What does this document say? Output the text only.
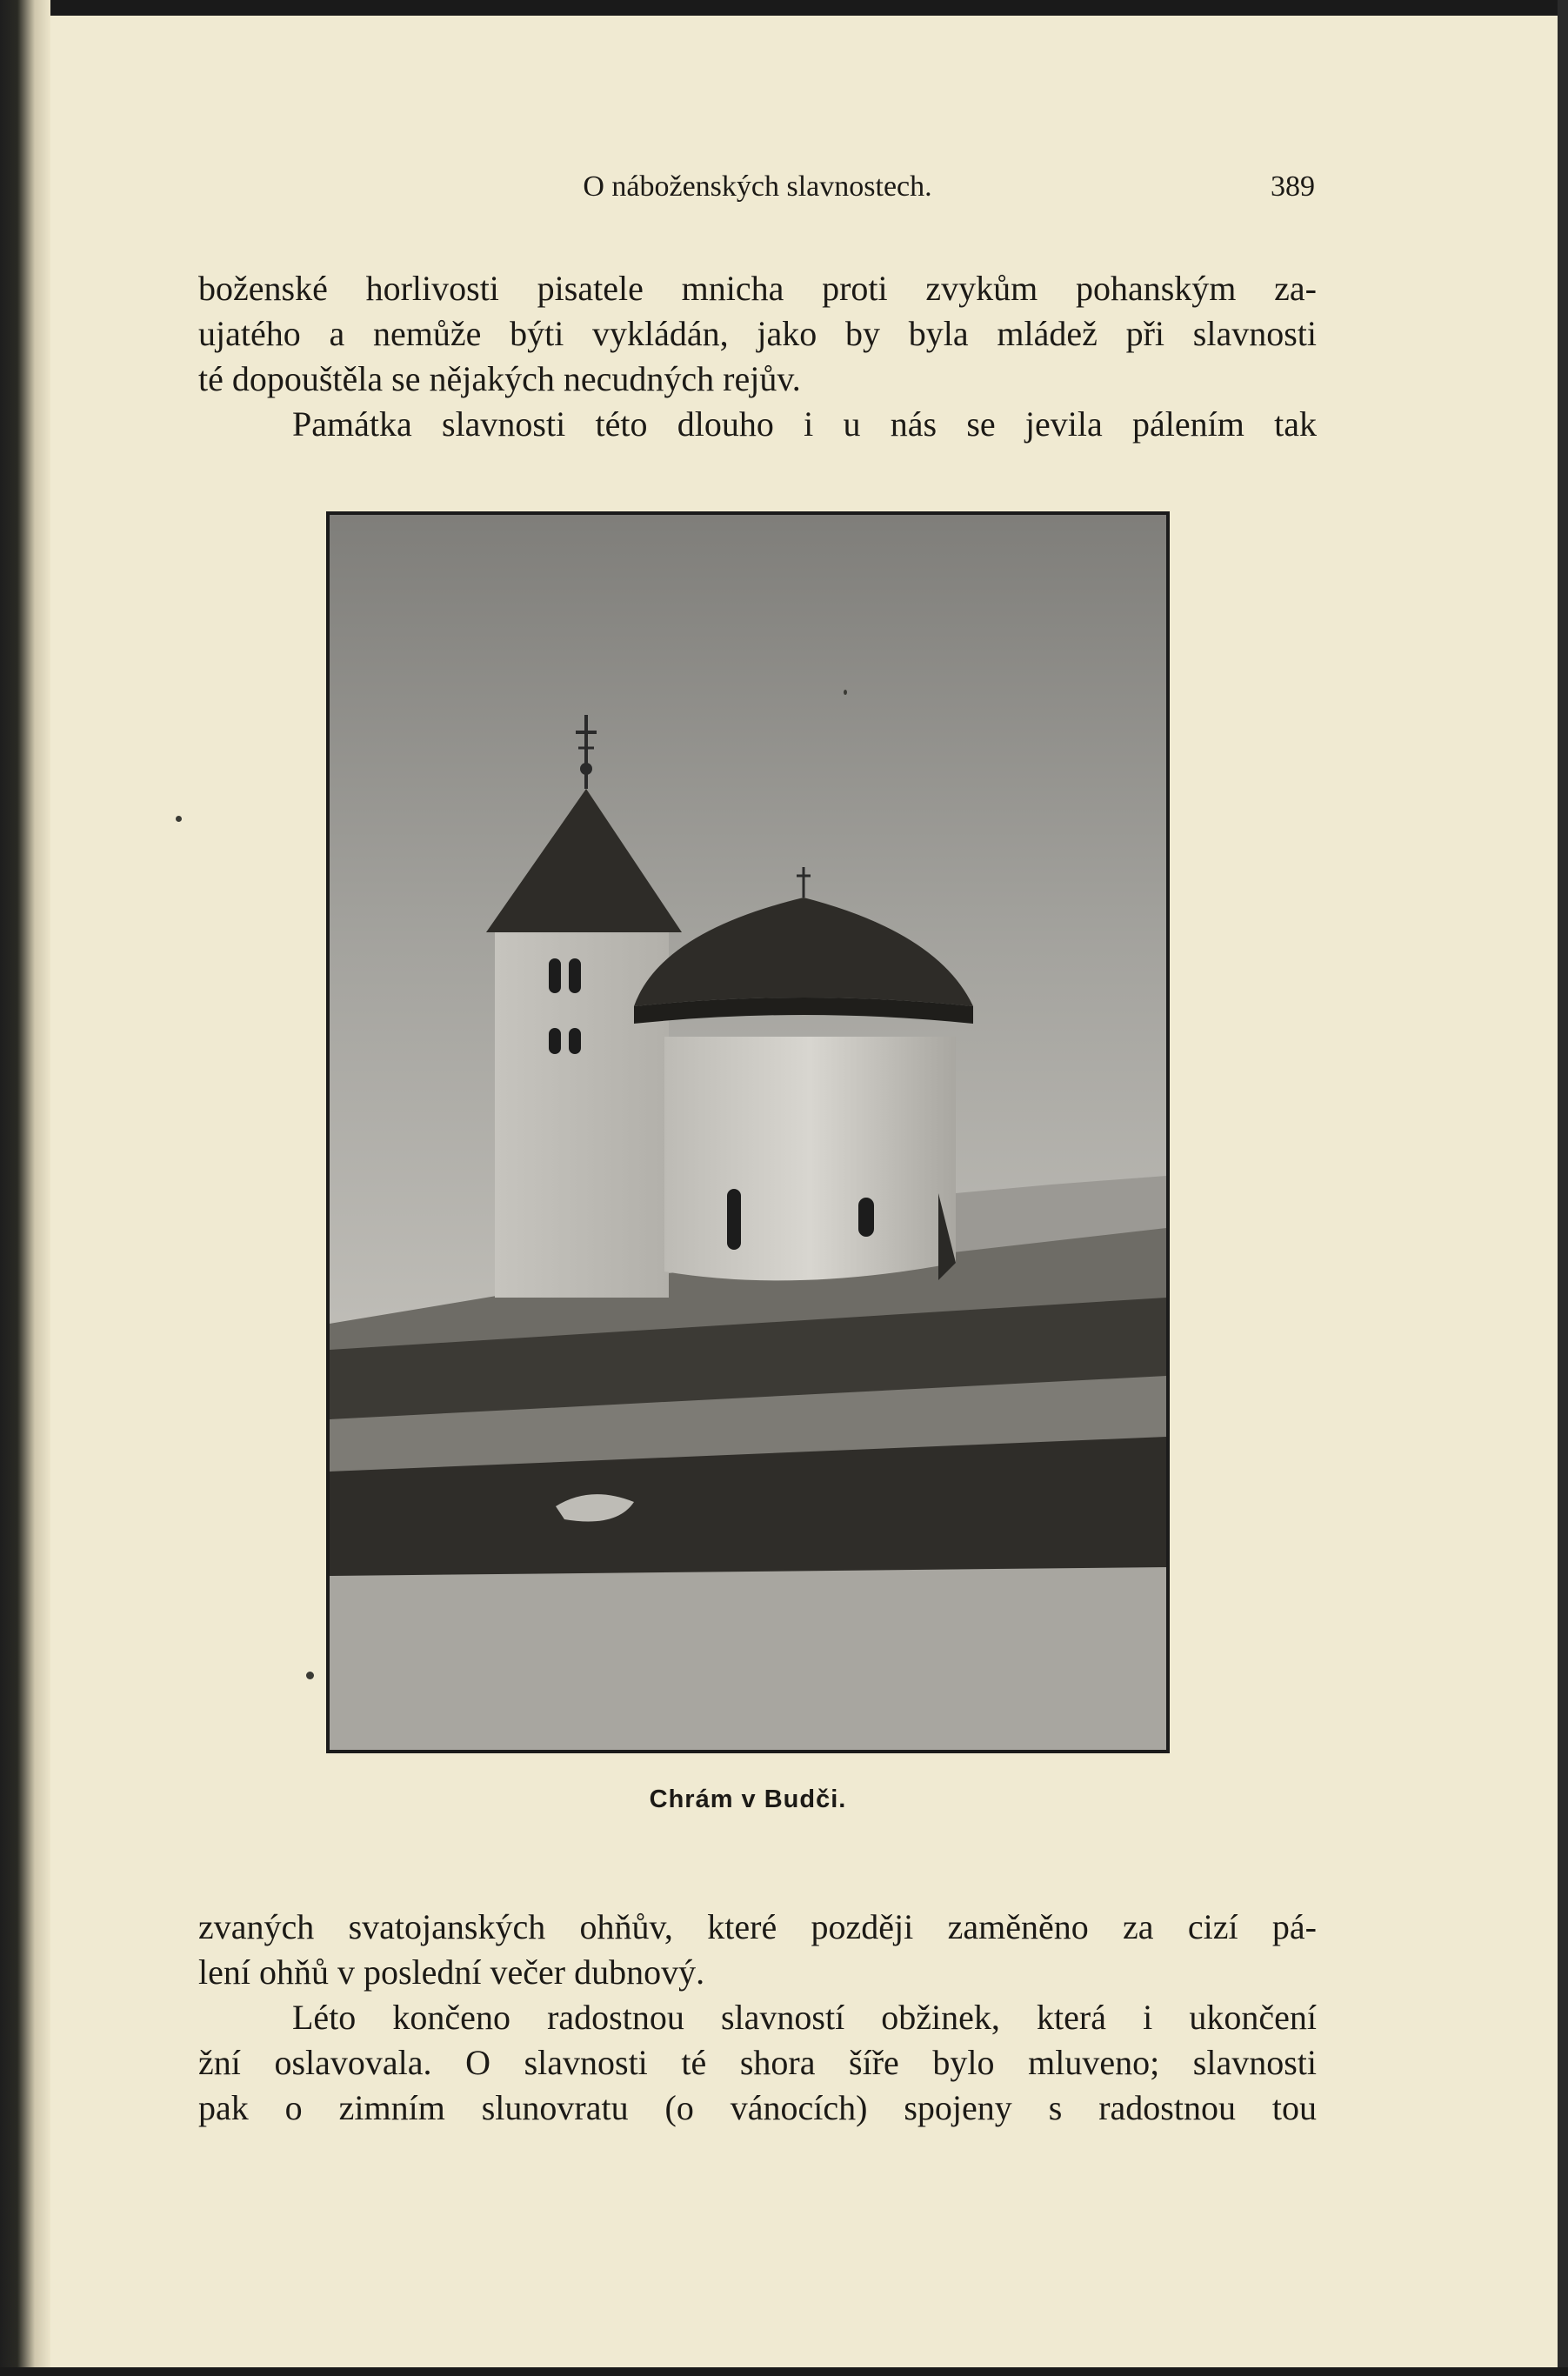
O náboženských slavnostech.	389
boženské horlivosti pisatele mnicha proti zvykům pohanským za-
ujatého a nemůže býti vykládán, jako by byla mládež při slavnosti
té dopouštěla se nějakých necudných rejův.
Památka slavnosti této dlouho i u nás se jevila pálením tak
Chrám v Budči.
zvaných svatojanských ohňův, které později zaměněno za cizí pá-
lení ohňů v poslední večer dubnový.
Léto končeno radostnou slavností obžinek, která i ukončení
žní oslavovala. O slavnosti té shora šíře bylo mluveno; slavnosti
pak o zimním slunovratu (o vánocích) spojeny s radostnou tou
